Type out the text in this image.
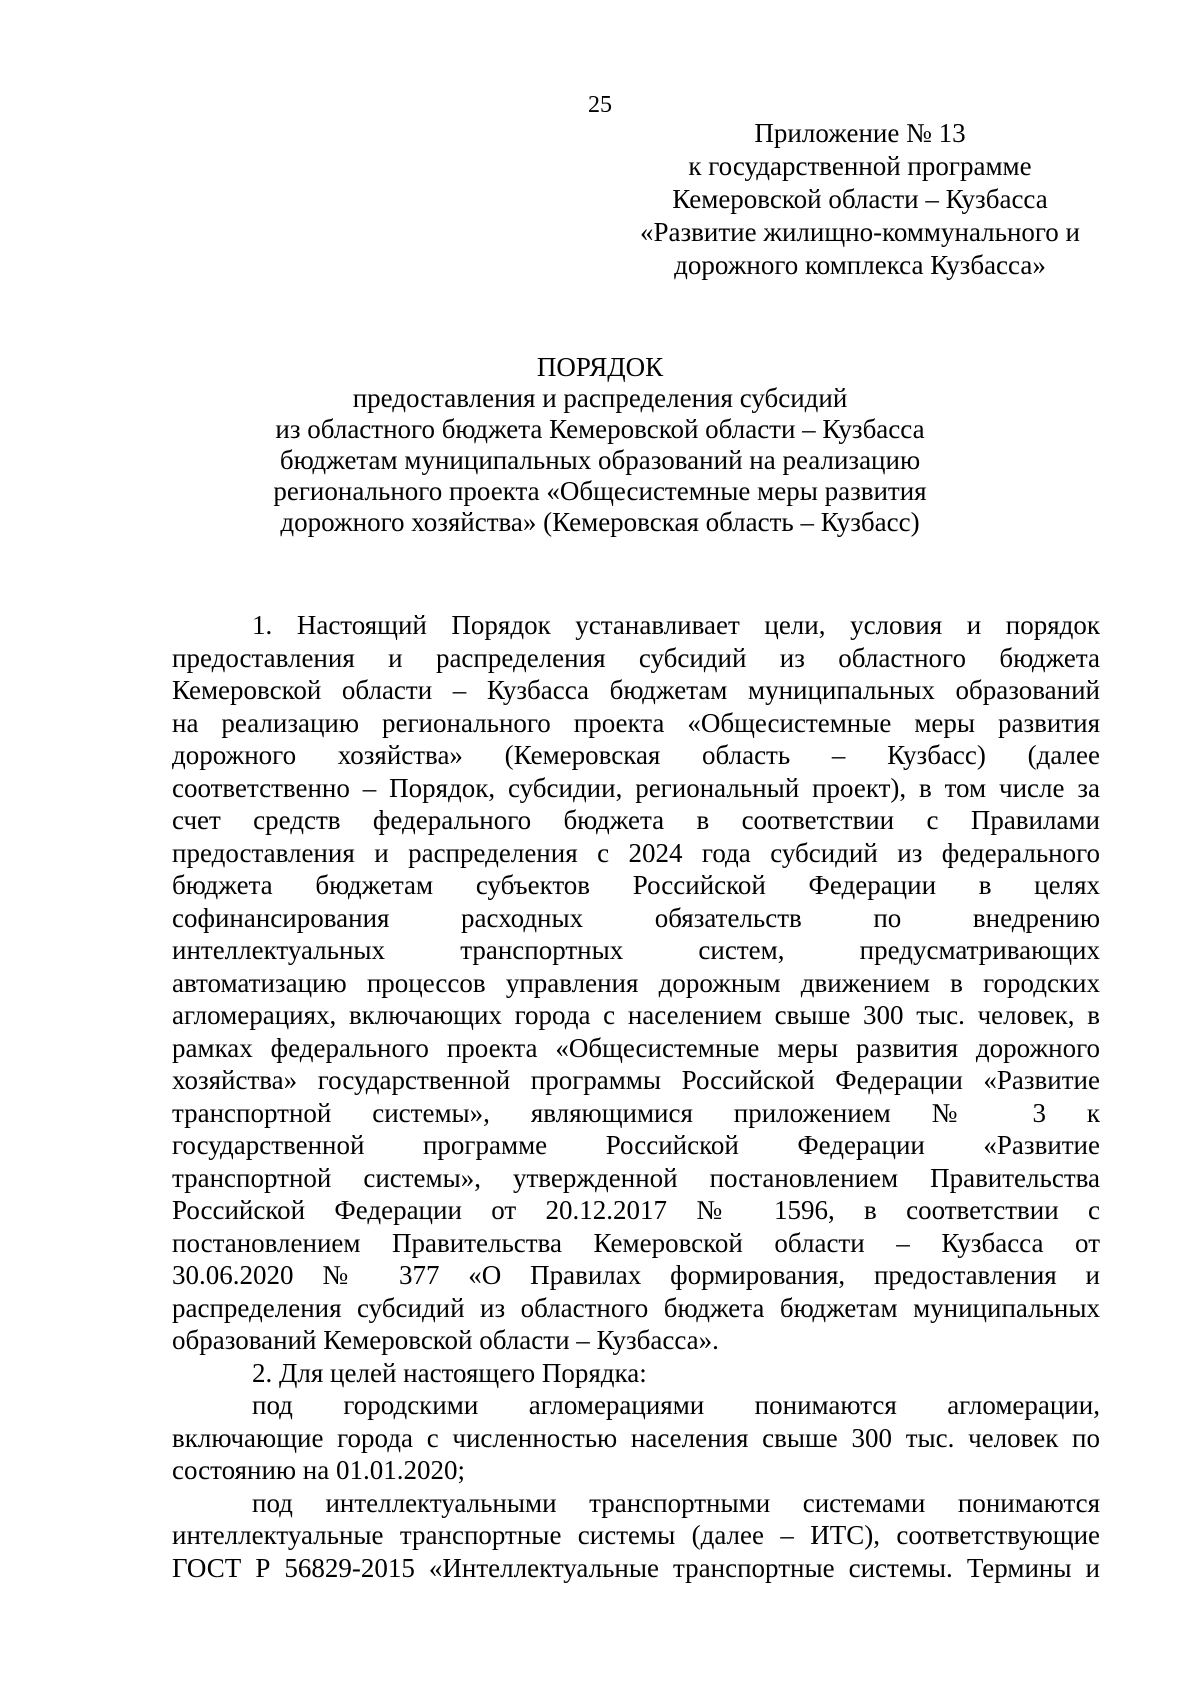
25
Приложение № 13
к государственной программе
Кемеровской области – Кузбасса
«Развитие жилищно-коммунального и
дорожного комплекса Кузбасса»
ПОРЯДОК
предоставления и распределения субсидий
из областного бюджета Кемеровской области – Кузбасса
бюджетам муниципальных образований на реализацию
регионального проекта «Общесистемные меры развития
дорожного хозяйства» (Кемеровская область – Кузбасс)
1. Настоящий Порядок устанавливает цели, условия и порядок
предоставления и распределения субсидий из областного бюджета
Кемеровской области – Кузбасса бюджетам муниципальных образований
на реализацию регионального проекта «Общесистемные меры развития
дорожного хозяйства» (Кемеровская область – Кузбасс) (далее
соответственно – Порядок, субсидии, региональный проект), в том числе за
счет средств федерального бюджета в соответствии с Правилами
предоставления и распределения с 2024 года субсидий из федерального
бюджета бюджетам субъектов Российской Федерации в целях
софинансирования расходных обязательств по внедрению
интеллектуальных транспортных систем, предусматривающих
автоматизацию процессов управления дорожным движением в городских
агломерациях, включающих города с населением свыше 300 тыс. человек, в
рамках федерального проекта «Общесистемные меры развития дорожного
хозяйства» государственной программы Российской Федерации «Развитие
транспортной системы», являющимися приложением № 3 к
государственной программе Российской Федерации «Развитие
транспортной системы», утвержденной постановлением Правительства
Российской Федерации от 20.12.2017 № 1596, в соответствии с
постановлением Правительства Кемеровской области – Кузбасса от
30.06.2020 № 377 «О Правилах формирования, предоставления и
распределения субсидий из областного бюджета бюджетам муниципальных
образований Кемеровской области – Кузбасса».
2. Для целей настоящего Порядка:
под городскими агломерациями понимаются агломерации,
включающие города с численностью населения свыше 300 тыс. человек по
состоянию на 01.01.2020;
под интеллектуальными транспортными системами понимаются
интеллектуальные транспортные системы (далее – ИТС), соответствующие
ГОСТ Р 56829-2015 «Интеллектуальные транспортные системы. Термины и
